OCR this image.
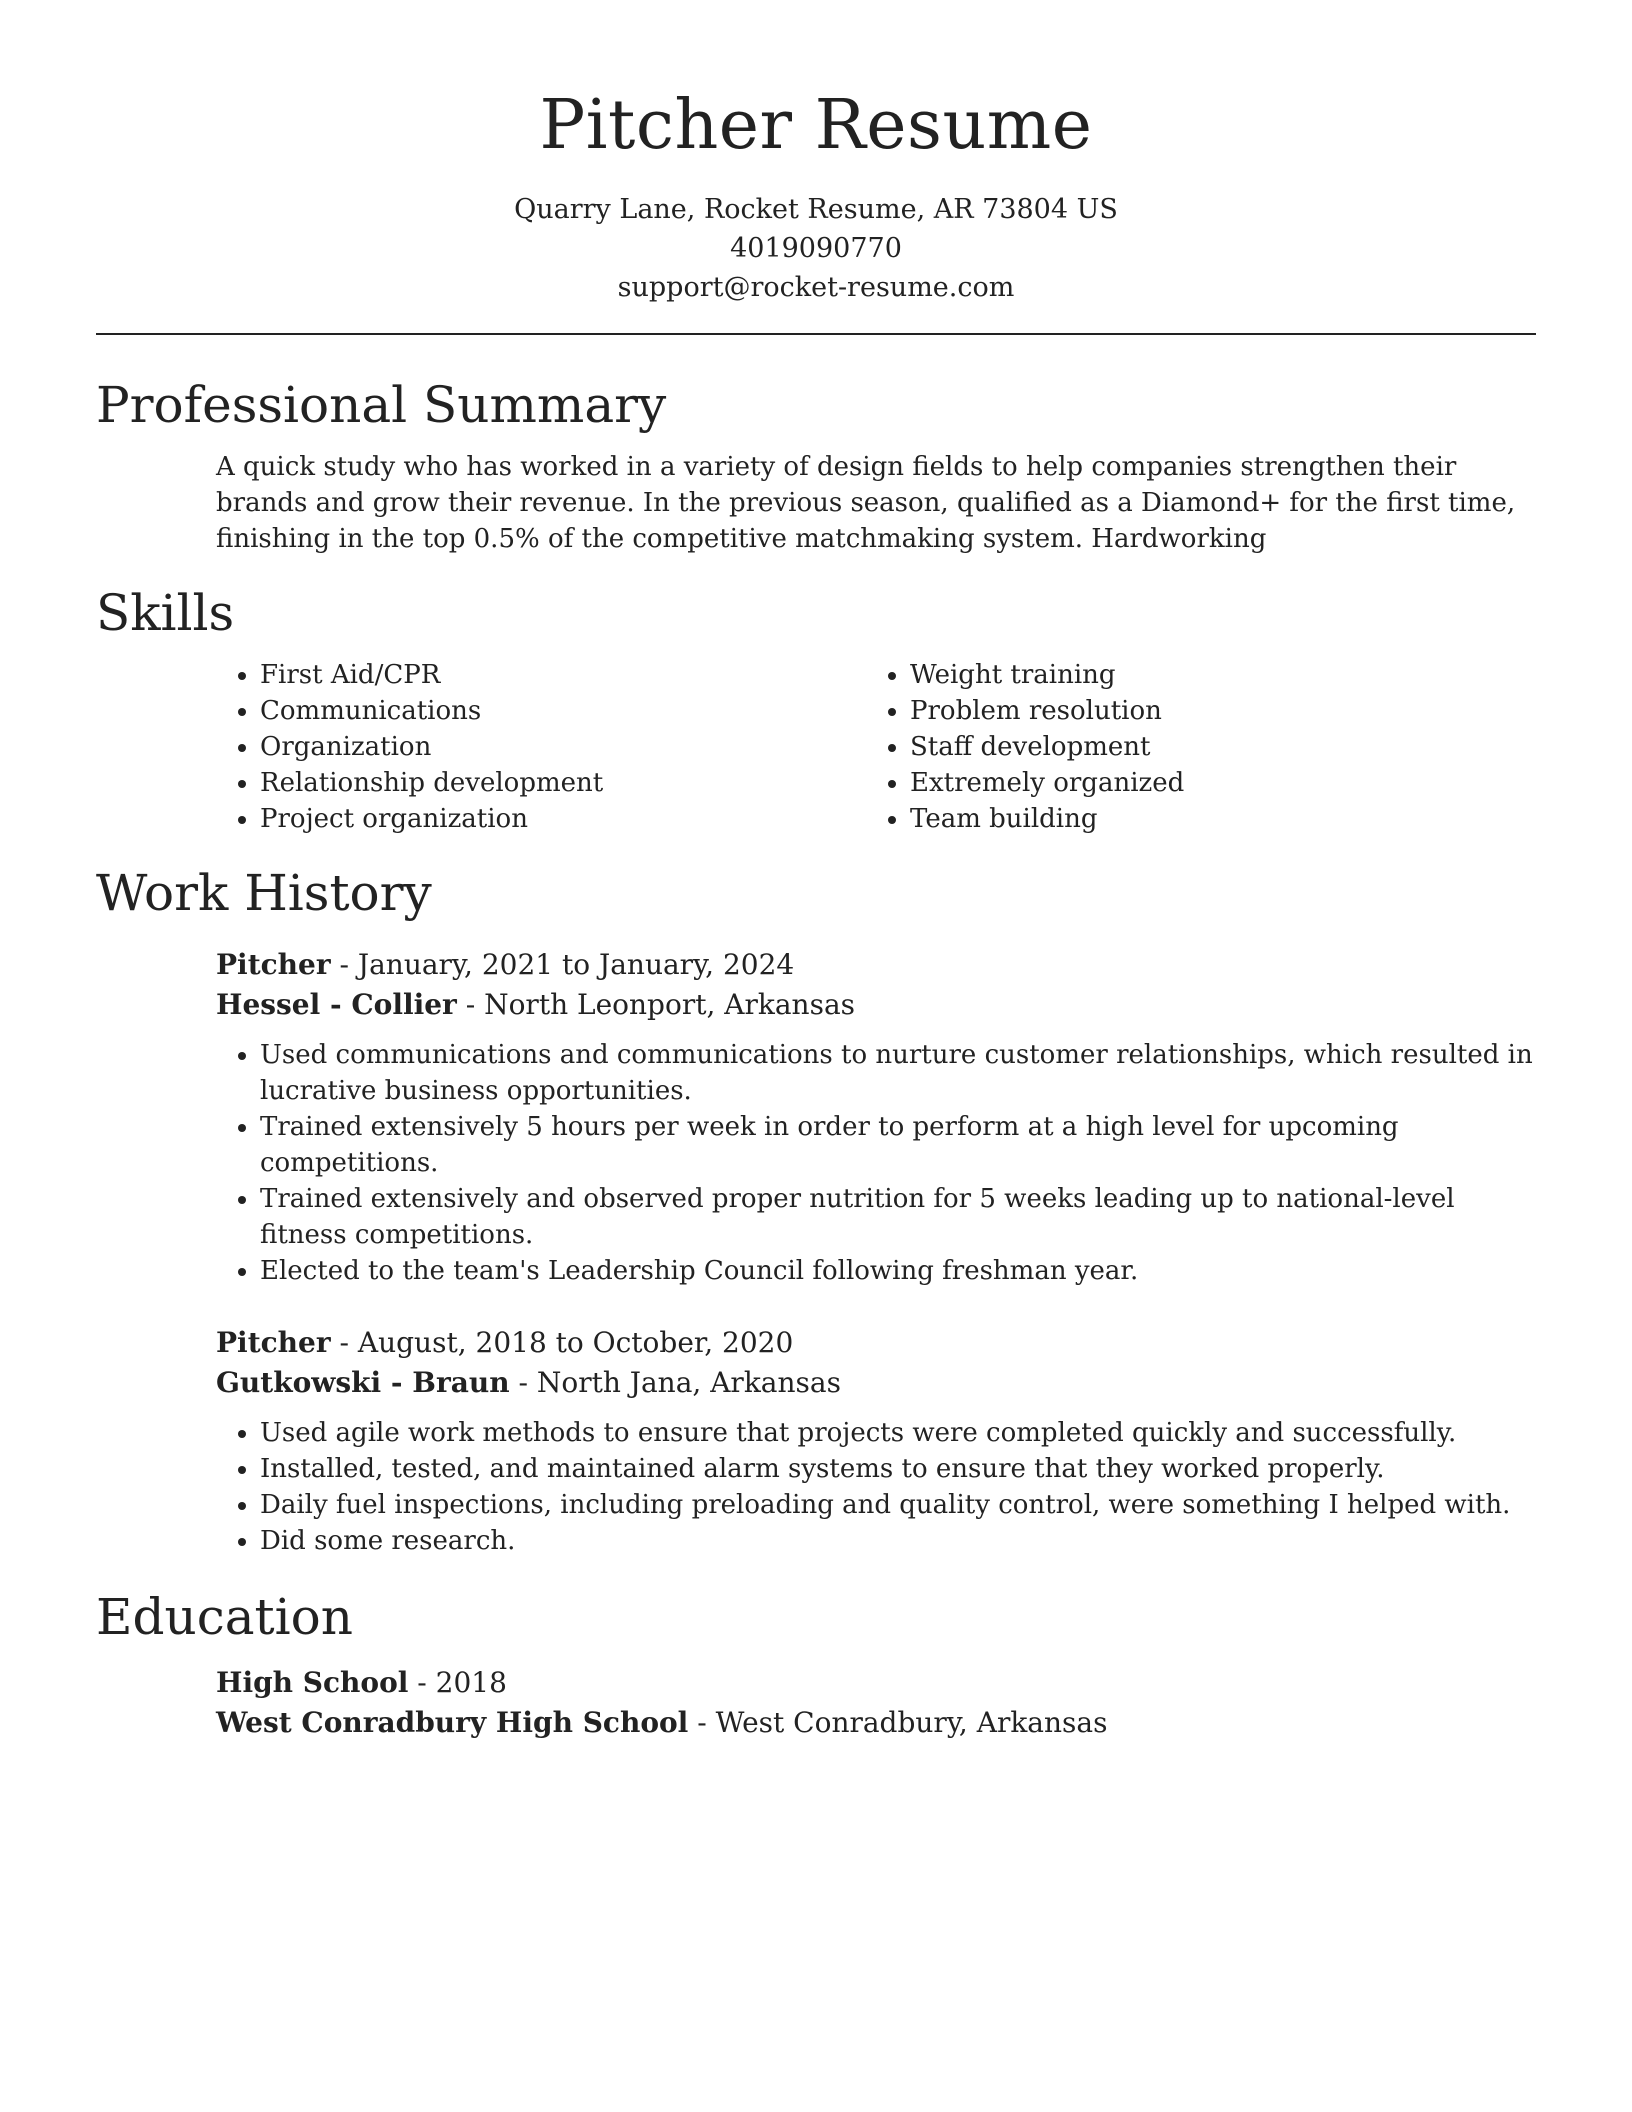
Pitcher Resume
Quarry Lane, Rocket Resume, AR 73804 US
4019090770
support@rocket-resume.com
Professional Summary
A quick study who has worked in a variety of design fields to help companies strengthen their brands and grow their revenue. In the previous season, qualified as a Diamond+ for the first time, finishing in the top 0.5% of the competitive matchmaking system. Hardworking
Skills
• First Aid/CPR
• Communications
• Organization
• Relationship development
• Project organization
• Weight training
• Problem resolution
• Staff development
• Extremely organized
• Team building
Work History
Pitcher - January, 2021 to January, 2024
Hessel - Collier - North Leonport, Arkansas
• Used communications and communications to nurture customer relationships, which resulted in lucrative business opportunities.
• Trained extensively 5 hours per week in order to perform at a high level for upcoming competitions.
• Trained extensively and observed proper nutrition for 5 weeks leading up to national-level fitness competitions.
• Elected to the team's Leadership Council following freshman year.
Pitcher - August, 2018 to October, 2020
Gutkowski - Braun - North Jana, Arkansas
• Used agile work methods to ensure that projects were completed quickly and successfully.
• Installed, tested, and maintained alarm systems to ensure that they worked properly.
• Daily fuel inspections, including preloading and quality control, were something I helped with.
• Did some research.
Education
High School - 2018
West Conradbury High School - West Conradbury, Arkansas
